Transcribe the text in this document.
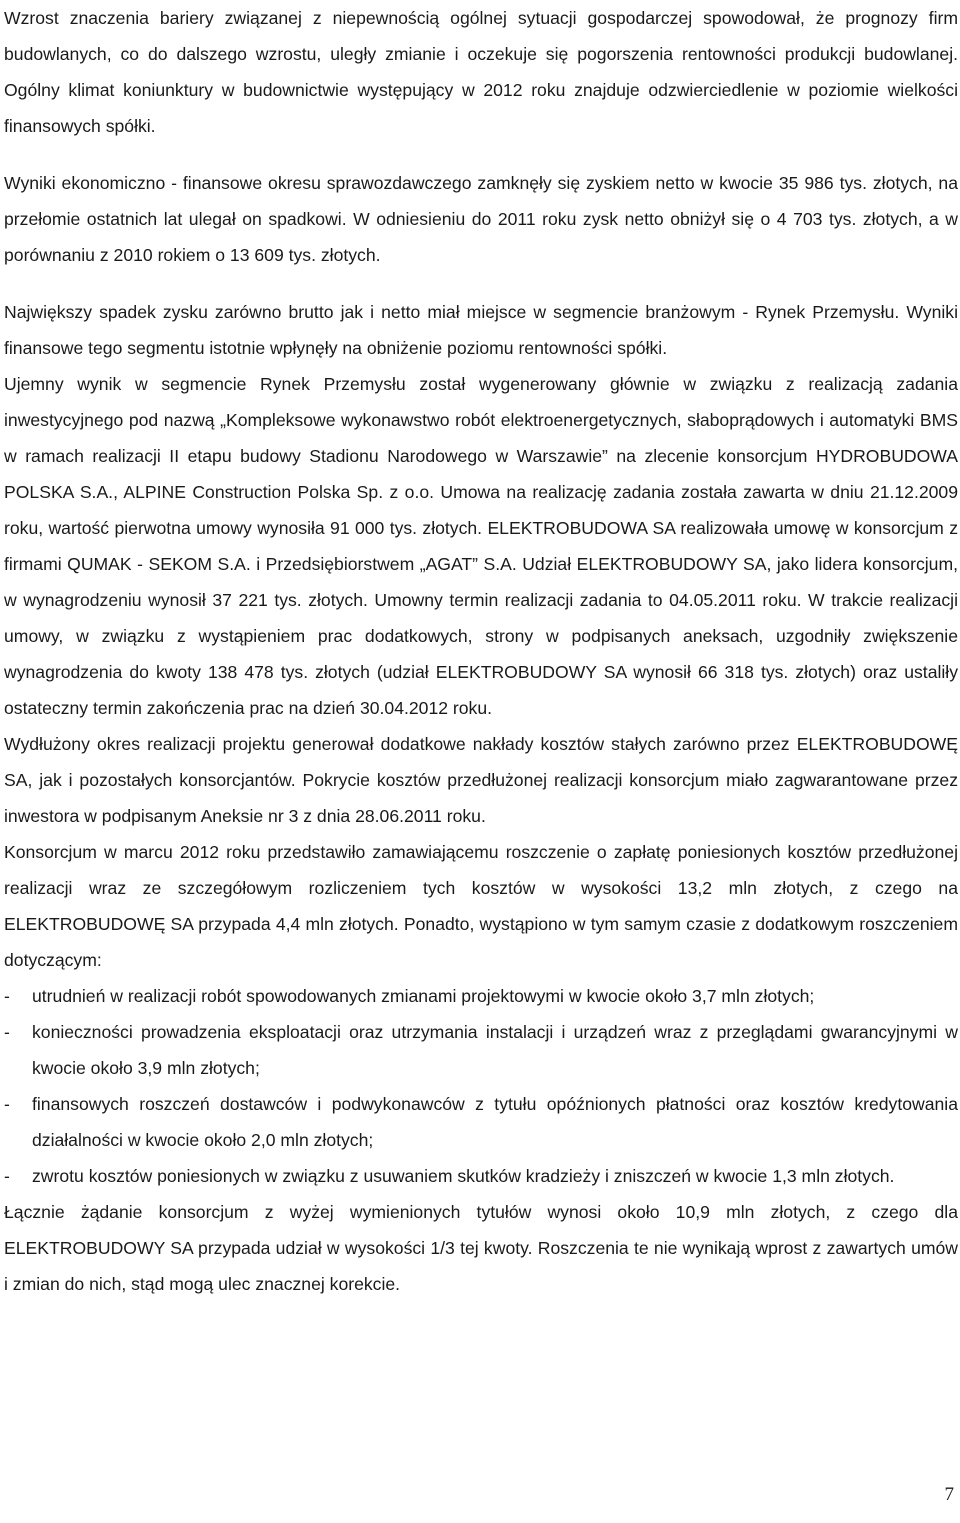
Wzrost znaczenia bariery związanej z niepewnością ogólnej sytuacji gospodarczej spowodował, że prognozy firm budowlanych, co do dalszego wzrostu, uległy zmianie i oczekuje się pogorszenia rentowności produkcji budowlanej. Ogólny klimat koniunktury w budownictwie występujący w 2012 roku znajduje odzwierciedlenie w poziomie wielkości finansowych spółki.

Wyniki ekonomiczno - finansowe okresu sprawozdawczego zamknęły się zyskiem netto w kwocie 35 986 tys. złotych, na przełomie ostatnich lat ulegał on spadkowi. W odniesieniu do 2011 roku zysk netto obniżył się o 4 703 tys. złotych, a w porównaniu z 2010 rokiem o 13 609 tys. złotych.

Największy spadek zysku zarówno brutto jak i netto miał miejsce w segmencie branżowym - Rynek Przemysłu. Wyniki finansowe tego segmentu istotnie wpłynęły na obniżenie poziomu rentowności spółki.

Ujemny wynik w segmencie Rynek Przemysłu został wygenerowany głównie w związku z realizacją zadania inwestycyjnego pod nazwą „Kompleksowe wykonawstwo robót elektroenergetycznych, słaboprądowych i automatyki BMS w ramach realizacji II etapu budowy Stadionu Narodowego w Warszawie” na zlecenie konsorcjum HYDROBUDOWA POLSKA S.A., ALPINE Construction Polska Sp. z o.o. Umowa na realizację zadania została zawarta w dniu 21.12.2009 roku, wartość pierwotna umowy wynosiła 91 000 tys. złotych. ELEKTROBUDOWA SA realizowała umowę w konsorcjum z firmami QUMAK - SEKOM S.A. i Przedsiębiorstwem „AGAT” S.A. Udział ELEKTROBUDOWY SA, jako lidera konsorcjum, w wynagrodzeniu wynosił 37 221 tys. złotych. Umowny termin realizacji zadania to 04.05.2011 roku. W trakcie realizacji umowy, w związku z wystąpieniem prac dodatkowych, strony w podpisanych aneksach, uzgodniły zwiększenie wynagrodzenia do kwoty 138 478 tys. złotych (udział ELEKTROBUDOWY SA wynosił 66 318 tys. złotych) oraz ustaliły ostateczny termin zakończenia prac na dzień 30.04.2012 roku.

Wydłużony okres realizacji projektu generował dodatkowe nakłady kosztów stałych zarówno przez ELEKTROBUDOWĘ SA, jak i pozostałych konsorcjantów. Pokrycie kosztów przedłużonej realizacji konsorcjum miało zagwarantowane przez inwestora w podpisanym Aneksie nr 3 z dnia 28.06.2011 roku.

Konsorcjum w marcu 2012 roku przedstawiło zamawiającemu roszczenie o zapłatę poniesionych kosztów przedłużonej realizacji wraz ze szczegółowym rozliczeniem tych kosztów w wysokości 13,2 mln złotych, z czego na ELEKTROBUDOWĘ SA przypada 4,4 mln złotych. Ponadto, wystąpiono w tym samym czasie z dodatkowym roszczeniem dotyczącym:

- utrudnień w realizacji robót spowodowanych zmianami projektowymi w kwocie około 3,7 mln złotych;
- konieczności prowadzenia eksploatacji oraz utrzymania instalacji i urządzeń wraz z przeglądami gwarancyjnymi w kwocie około 3,9 mln złotych;
- finansowych roszczeń dostawców i podwykonawców z tytułu opóźnionych płatności oraz kosztów kredytowania działalności w kwocie około 2,0 mln złotych;
- zwrotu kosztów poniesionych w związku z usuwaniem skutków kradzieży i zniszczeń w kwocie 1,3 mln złotych.

Łącznie żądanie konsorcjum z wyżej wymienionych tytułów wynosi około 10,9 mln złotych, z czego dla ELEKTROBUDOWY SA przypada udział w wysokości 1/3 tej kwoty. Roszczenia te nie wynikają wprost z zawartych umów i zmian do nich, stąd mogą ulec znacznej korekcie.

7
